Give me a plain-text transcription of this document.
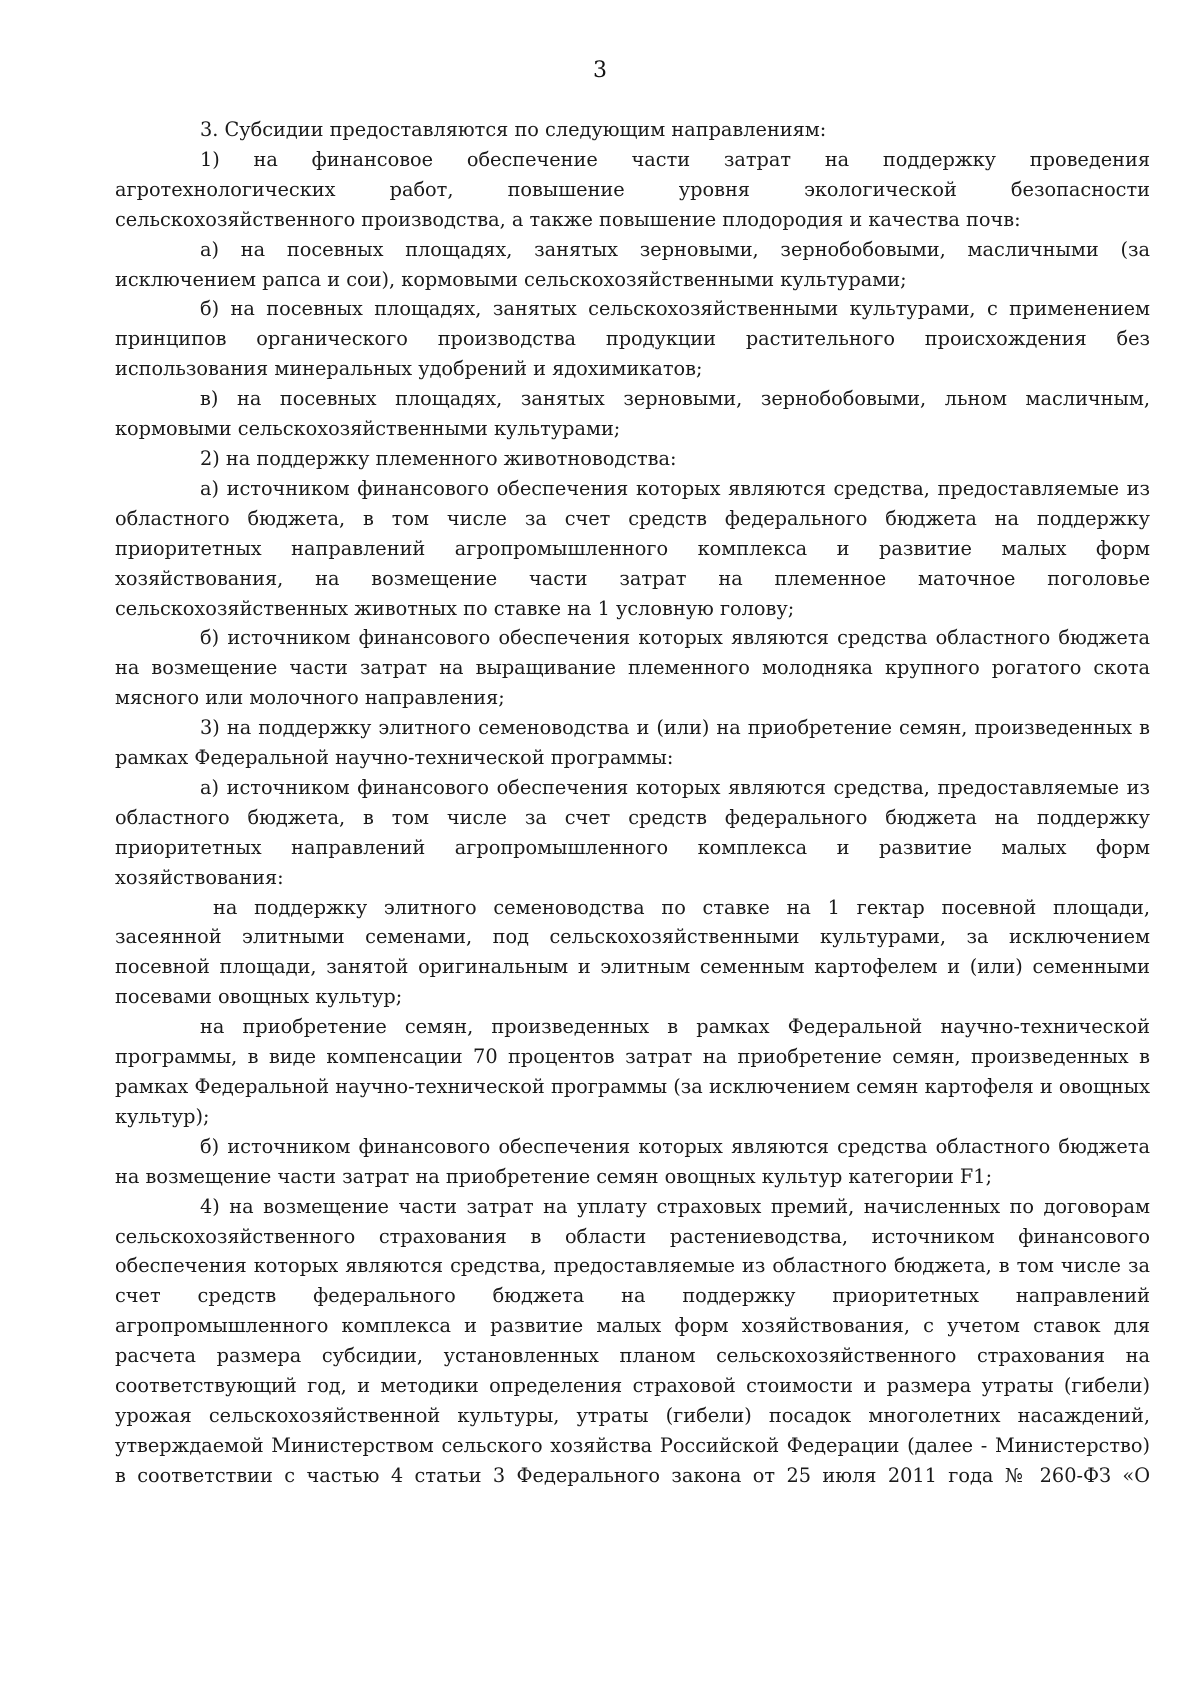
3

3. Субсидии предоставляются по следующим направлениям:

1) на финансовое обеспечение части затрат на поддержку проведения агротехнологических работ, повышение уровня экологической безопасности сельскохозяйственного производства, а также повышение плодородия и качества почв:

а) на посевных площадях, занятых зерновыми, зернобобовыми, масличными (за исключением рапса и сои), кормовыми сельскохозяйственными культурами;

б) на посевных площадях, занятых сельскохозяйственными культурами, с применением принципов органического производства продукции растительного происхождения без использования минеральных удобрений и ядохимикатов;

в) на посевных площадях, занятых зерновыми, зернобобовыми, льном масличным, кормовыми сельскохозяйственными культурами;

2) на поддержку племенного животноводства:

а) источником финансового обеспечения которых являются средства, предоставляемые из областного бюджета, в том числе за счет средств федерального бюджета на поддержку приоритетных направлений агропромышленного комплекса и развитие малых форм хозяйствования, на возмещение части затрат на племенное маточное поголовье сельскохозяйственных животных по ставке на 1 условную голову;

б) источником финансового обеспечения которых являются средства областного бюджета на возмещение части затрат на выращивание племенного молодняка крупного рогатого скота мясного или молочного направления;

3) на поддержку элитного семеноводства и (или) на приобретение семян, произведенных в рамках Федеральной научно-технической программы:

а) источником финансового обеспечения которых являются средства, предоставляемые из областного бюджета, в том числе за счет средств федерального бюджета на поддержку приоритетных направлений агропромышленного комплекса и развитие малых форм хозяйствования:

на поддержку элитного семеноводства по ставке на 1 гектар посевной площади, засеянной элитными семенами, под сельскохозяйственными культурами, за исключением посевной площади, занятой оригинальным и элитным семенным картофелем и (или) семенными посевами овощных культур;

на приобретение семян, произведенных в рамках Федеральной научно-технической программы, в виде компенсации 70 процентов затрат на приобретение семян, произведенных в рамках Федеральной научно-технической программы (за исключением семян картофеля и овощных культур);

б) источником финансового обеспечения которых являются средства областного бюджета на возмещение части затрат на приобретение семян овощных культур категории F1;

4) на возмещение части затрат на уплату страховых премий, начисленных по договорам сельскохозяйственного страхования в области растениеводства, источником финансового обеспечения которых являются средства, предоставляемые из областного бюджета, в том числе за счет средств федерального бюджета на поддержку приоритетных направлений агропромышленного комплекса и развитие малых форм хозяйствования, с учетом ставок для расчета размера субсидии, установленных планом сельскохозяйственного страхования на соответствующий год, и методики определения страховой стоимости и размера утраты (гибели) урожая сельскохозяйственной культуры, утраты (гибели) посадок многолетних насаждений, утверждаемой Министерством сельского хозяйства Российской Федерации (далее - Министерство) в соответствии с частью 4 статьи 3 Федерального закона от 25 июля 2011 года № 260-ФЗ «О
